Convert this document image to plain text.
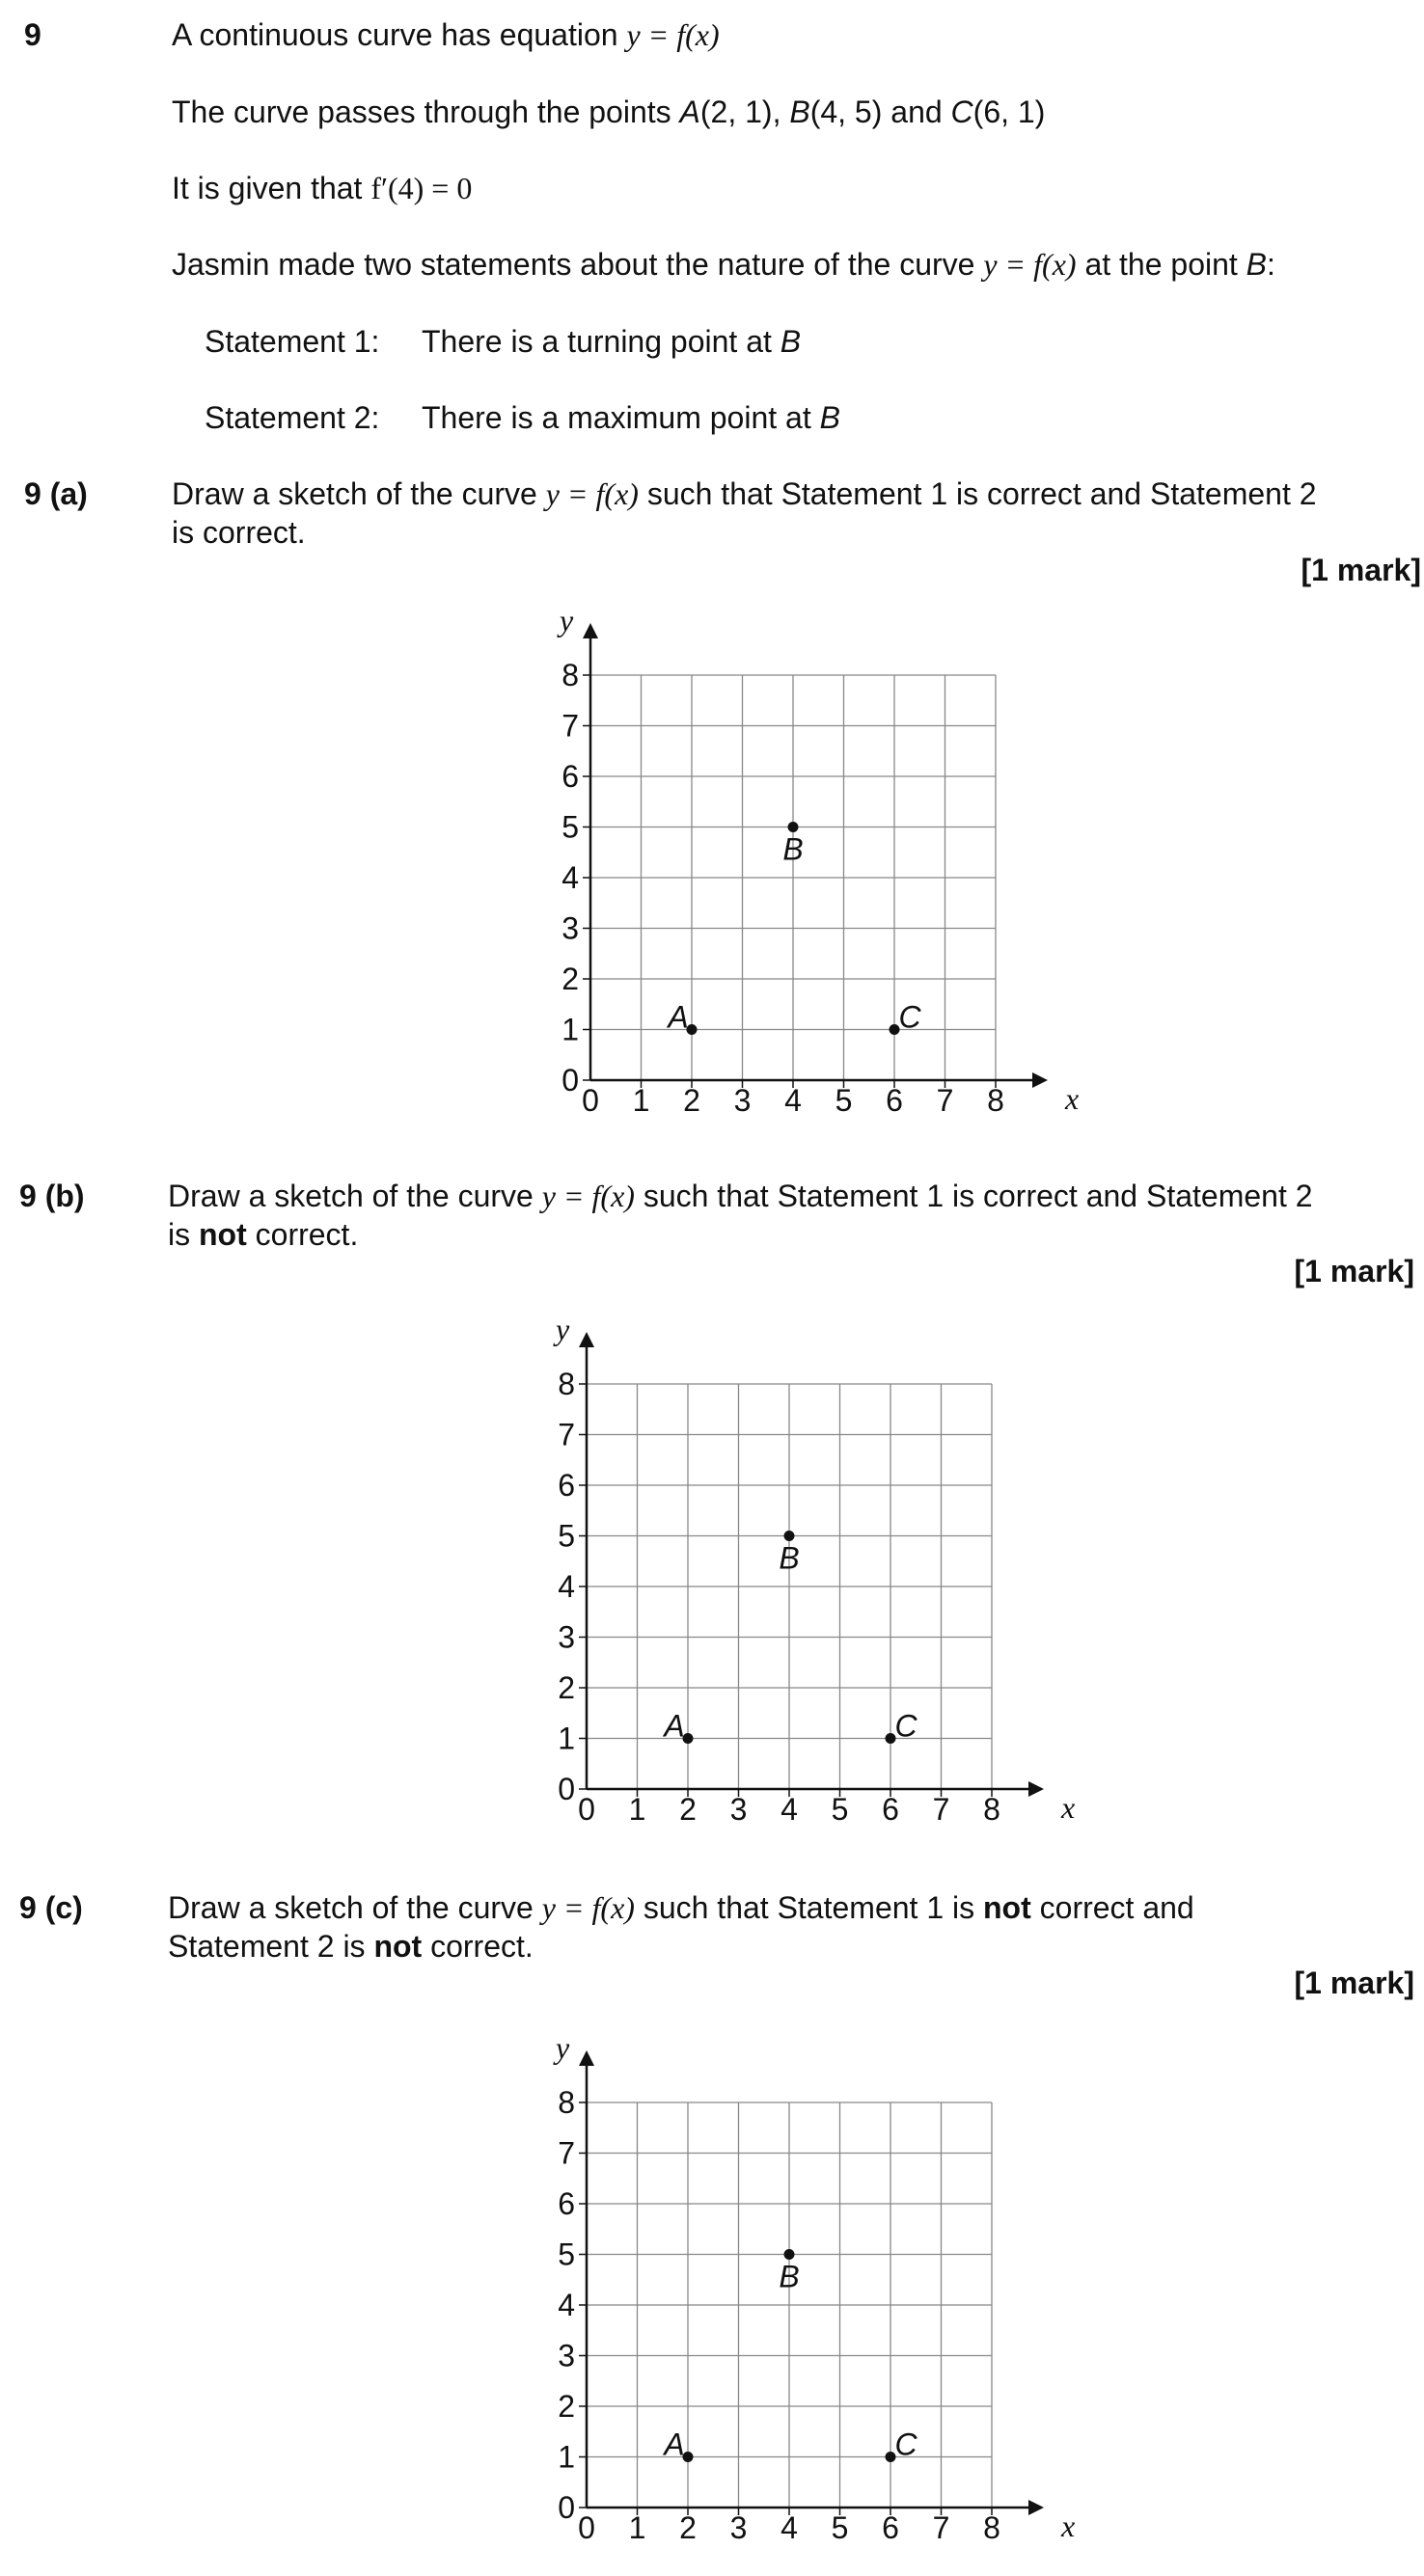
9	A continuous curve has equation y = f(x)
The curve passes through the points A(2, 1), B(4, 5) and C(6, 1)
It is given that f′(4) = 0
Jasmin made two statements about the nature of the curve y = f(x) at the point B:
Statement 1: There is a turning point at B
Statement 2: There is a maximum point at B
9 (a)	Draw a sketch of the curve y = f(x) such that Statement 1 is correct and Statement 2
is correct.
[1 mark]
0 1 2 3 4 5 6 7 8
0
1
2
3
4
5
6
7
8
x
y
A
B
C
9 (b)	Draw a sketch of the curve y = f(x) such that Statement 1 is correct and Statement 2
is not correct.
[1 mark]
0 1 2 3 4 5 6 7 8
0
1
2
3
4
5
6
7
8
x
y
A
B
C
9 (c)	Draw a sketch of the curve y = f(x) such that Statement 1 is not correct and
Statement 2 is not correct.
[1 mark]
0 1 2 3 4 5 6 7 8
0
1
2
3
4
5
6
7
8
x
y
A
B
C
